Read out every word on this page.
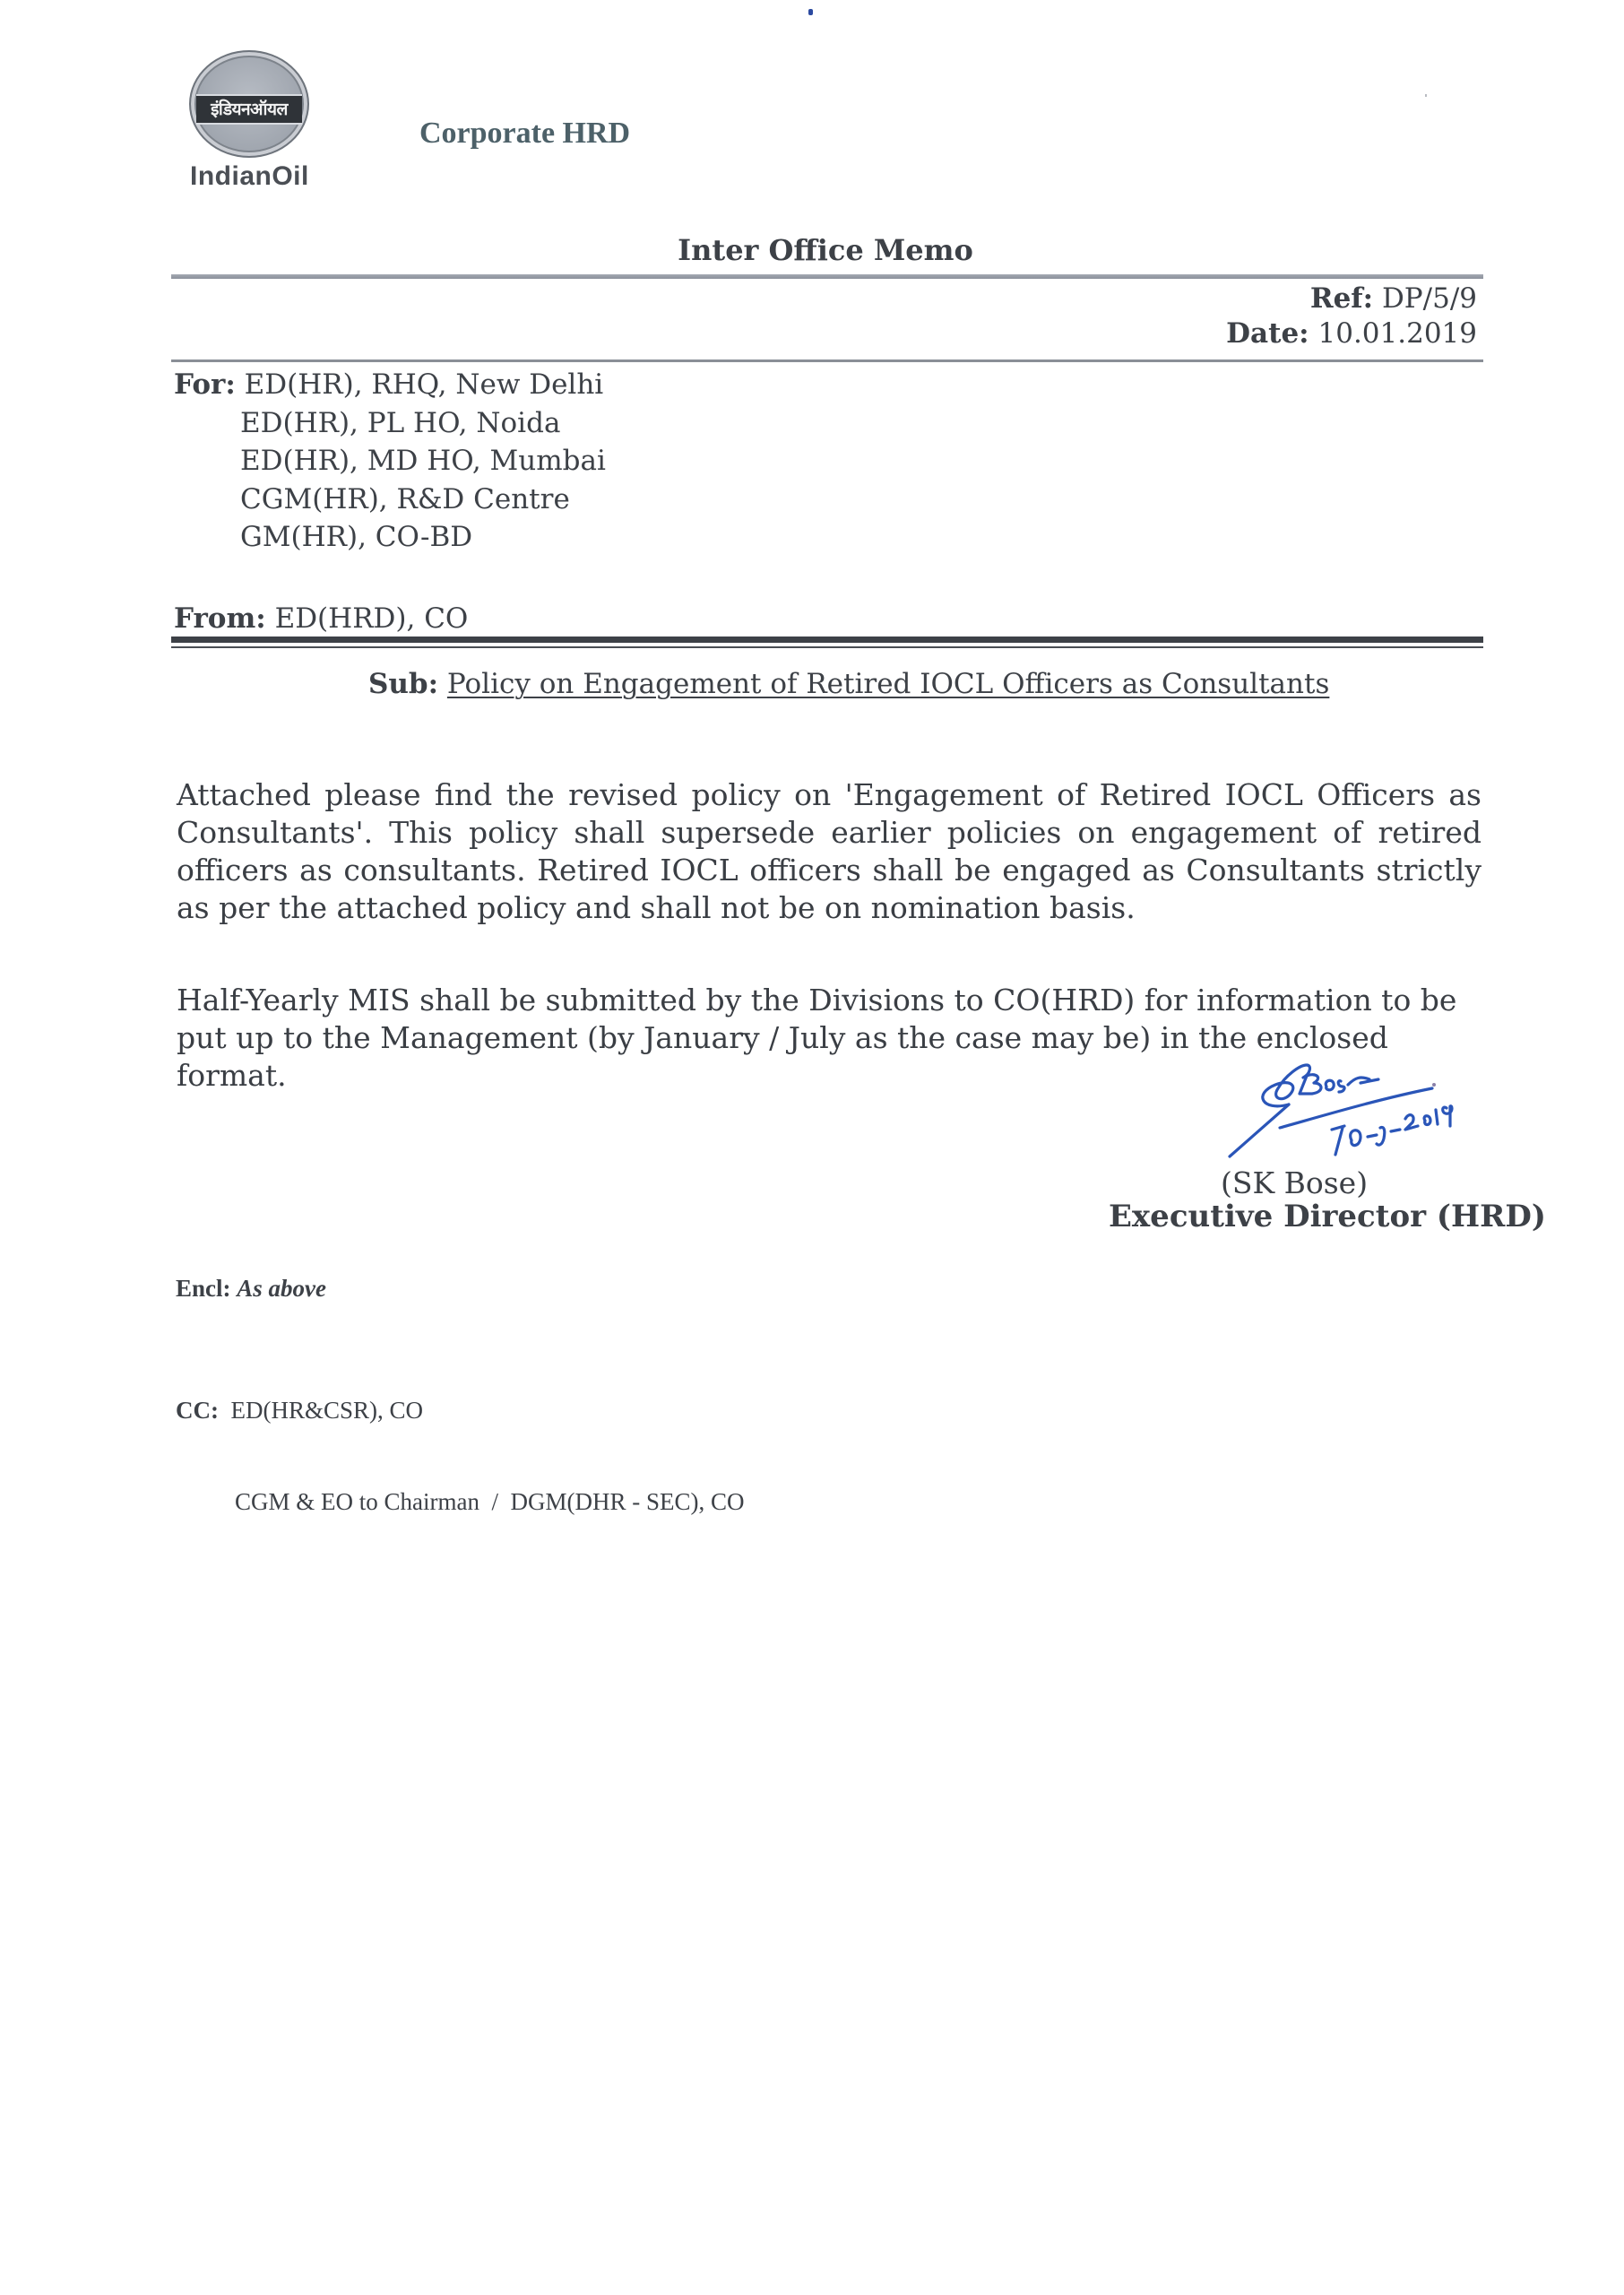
इंडियनऑयल
IndianOil
Corporate HRD
Inter Office Memo
Ref: DP/5/9
Date: 10.01.2019
For: ED(HR), RHQ, New Delhi
ED(HR), PL HO, Noida
ED(HR), MD HO, Mumbai
CGM(HR), R&D Centre
GM(HR), CO-BD
From: ED(HRD), CO
Sub: Policy on Engagement of Retired IOCL Officers as Consultants

Attached please find the revised policy on 'Engagement of Retired IOCL Officers as Consultants'. This policy shall supersede earlier policies on engagement of retired officers as consultants. Retired IOCL officers shall be engaged as Consultants strictly as per the attached policy and shall not be on nomination basis.

Half-Yearly MIS shall be submitted by the Divisions to CO(HRD) for information to be put up to the Management (by January / July as the case may be) in the enclosed format.

(SK Bose)
Executive Director (HRD)
Encl: As above

CC: ED(HR&CSR), CO

CGM & EO to Chairman  /  DGM(DHR - SEC), CO
